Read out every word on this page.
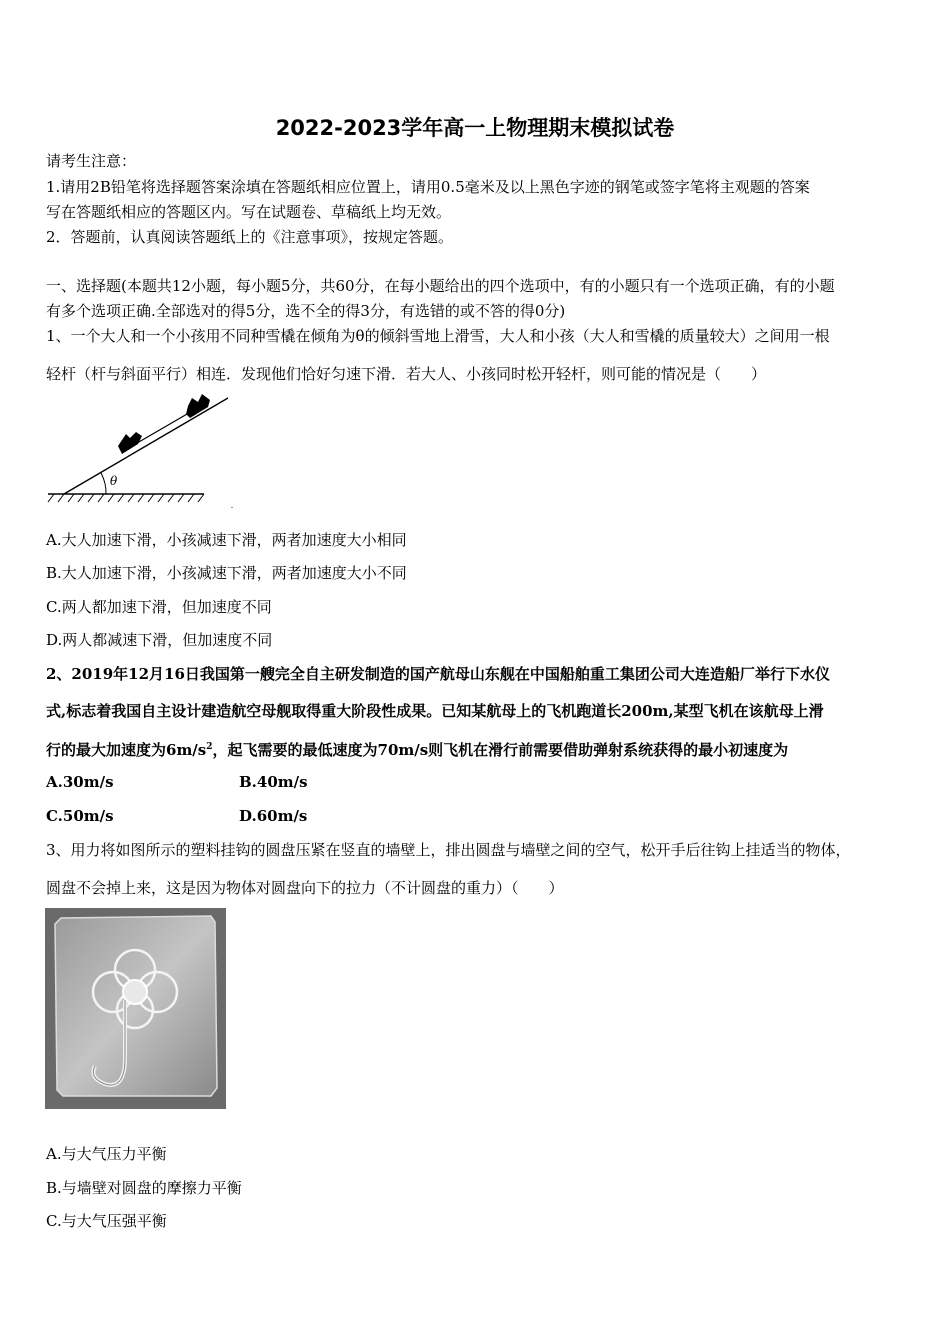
2022-2023学年高一上物理期末模拟试卷
请考生注意：
1.请用2B铅笔将选择题答案涂填在答题纸相应位置上，请用0.5毫米及以上黑色字迹的钢笔或签字笔将主观题的答案
写在答题纸相应的答题区内。写在试题卷、草稿纸上均无效。
2．答题前，认真阅读答题纸上的《注意事项》，按规定答题。
一、选择题(本题共12小题，每小题5分，共60分，在每小题给出的四个选项中，有的小题只有一个选项正确，有的小题
有多个选项正确.全部选对的得5分，选不全的得3分，有选错的或不答的得0分)
1、一个大人和一个小孩用不同种雪橇在倾角为θ的倾斜雪地上滑雪，大人和小孩（大人和雪橇的质量较大）之间用一根
轻杆（杆与斜面平行）相连．发现他们恰好匀速下滑．若大人、小孩同时松开轻杆，则可能的情况是（　　）
θ
A.大人加速下滑，小孩减速下滑，两者加速度大小相同
B.大人加速下滑，小孩减速下滑，两者加速度大小不同
C.两人都加速下滑，但加速度不同
D.两人都减速下滑，但加速度不同
2、2019年12月16日我国第一艘完全自主研发制造的国产航母山东舰在中国船舶重工集团公司大连造船厂举行下水仪
式,标志着我国自主设计建造航空母舰取得重大阶段性成果。已知某航母上的飞机跑道长200m,某型飞机在该航母上滑
行的最大加速度为$6m/s^2$，起飞需要的最低速度为70m/s则飞机在滑行前需要借助弹射系统获得的最小初速度为
A.30m/s	B.40m/s
C.50m/s	D.60m/s
3、用力将如图所示的塑料挂钩的圆盘压紧在竖直的墙壁上，排出圆盘与墙壁之间的空气，松开手后往钩上挂适当的物体，
圆盘不会掉上来，这是因为物体对圆盘向下的拉力（不计圆盘的重力）（　　）
A.与大气压力平衡
B.与墙壁对圆盘的摩擦力平衡
C.与大气压强平衡
